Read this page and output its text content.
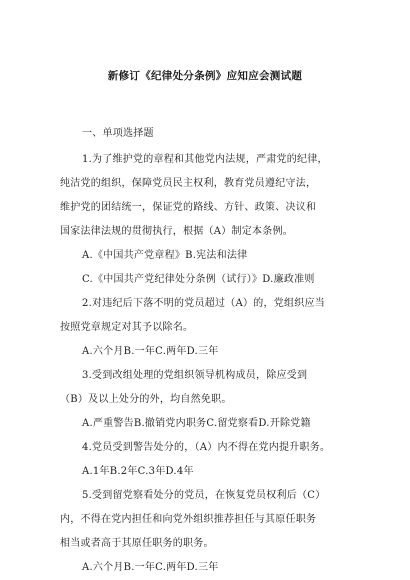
新修订《纪律处分条例》应知应会测试题
一、单项选择题
1.为了维护党的章程和其他党内法规，严肃党的纪律，
纯洁党的组织，保障党员民主权利，教育党员遵纪守法，
维护党的团结统一，保证党的路线、方针、政策、决议和
国家法律法规的贯彻执行，根据（A）制定本条例。
A.《中国共产党章程》B.宪法和法律
C.《中国共产党纪律处分条例（试行）》D.廉政准则
2.对违纪后下落不明的党员超过（A）的，党组织应当
按照党章规定对其予以除名。
A.六个月B.一年C.两年D.三年
3.受到改组处理的党组织领导机构成员，除应受到
（B）及以上处分的外，均自然免职。
A.严重警告B.撤销党内职务C.留党察看D.开除党籍
4.党员受到警告处分的，（A）内不得在党内提升职务。
A.1年B.2年C.3年D.4年
5.受到留党察看处分的党员，在恢复党员权利后（C）
内，不得在党内担任和向党外组织推荐担任与其原任职务
相当或者高于其原任职务的职务。
A.六个月B.一年C.两年D.三年
